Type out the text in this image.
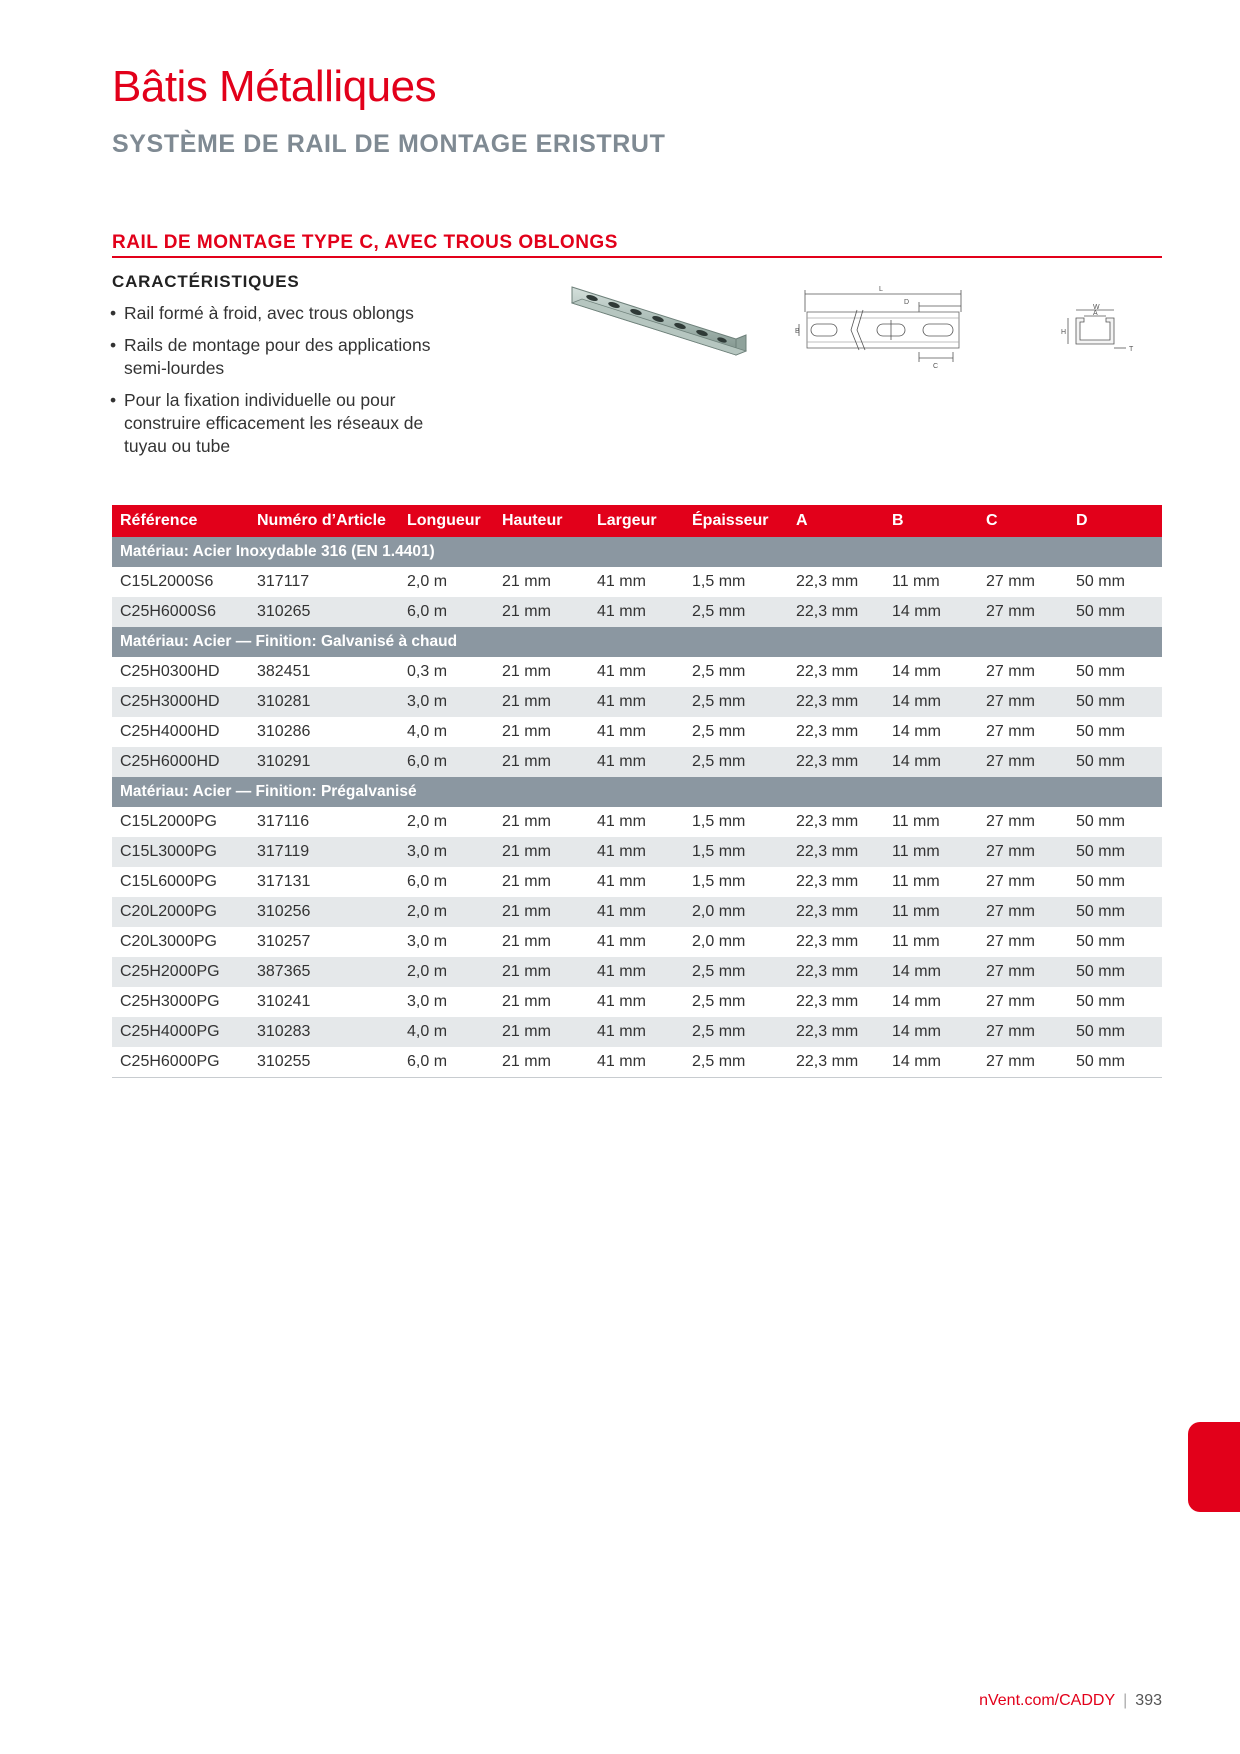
Bâtis Métalliques
SYSTÈME DE RAIL DE MONTAGE ERISTRUT
RAIL DE MONTAGE TYPE C, AVEC TROUS OBLONGS
CARACTÉRISTIQUES
• Rail formé à froid, avec trous oblongs
• Rails de montage pour des applications semi-lourdes
• Pour la fixation individuelle ou pour construire efficacement les réseaux de tuyau ou tube
L
D
B
C
W
A
H
T
Référence	Numéro d’Article	Longueur	Hauteur	Largeur	Épaisseur	A	B	C	D
Matériau: Acier Inoxydable 316 (EN 1.4401)									
C15L2000S6	317117	2,0 m	21 mm	41 mm	1,5 mm	22,3 mm	11 mm	27 mm	50 mm
C25H6000S6	310265	6,0 m	21 mm	41 mm	2,5 mm	22,3 mm	14 mm	27 mm	50 mm
Matériau: Acier — Finition: Galvanisé à chaud									
C25H0300HD	382451	0,3 m	21 mm	41 mm	2,5 mm	22,3 mm	14 mm	27 mm	50 mm
C25H3000HD	310281	3,0 m	21 mm	41 mm	2,5 mm	22,3 mm	14 mm	27 mm	50 mm
C25H4000HD	310286	4,0 m	21 mm	41 mm	2,5 mm	22,3 mm	14 mm	27 mm	50 mm
C25H6000HD	310291	6,0 m	21 mm	41 mm	2,5 mm	22,3 mm	14 mm	27 mm	50 mm
Matériau: Acier — Finition: Prégalvanisé									
C15L2000PG	317116	2,0 m	21 mm	41 mm	1,5 mm	22,3 mm	11 mm	27 mm	50 mm
C15L3000PG	317119	3,0 m	21 mm	41 mm	1,5 mm	22,3 mm	11 mm	27 mm	50 mm
C15L6000PG	317131	6,0 m	21 mm	41 mm	1,5 mm	22,3 mm	11 mm	27 mm	50 mm
C20L2000PG	310256	2,0 m	21 mm	41 mm	2,0 mm	22,3 mm	11 mm	27 mm	50 mm
C20L3000PG	310257	3,0 m	21 mm	41 mm	2,0 mm	22,3 mm	11 mm	27 mm	50 mm
C25H2000PG	387365	2,0 m	21 mm	41 mm	2,5 mm	22,3 mm	14 mm	27 mm	50 mm
C25H3000PG	310241	3,0 m	21 mm	41 mm	2,5 mm	22,3 mm	14 mm	27 mm	50 mm
C25H4000PG	310283	4,0 m	21 mm	41 mm	2,5 mm	22,3 mm	14 mm	27 mm	50 mm
C25H6000PG	310255	6,0 m	21 mm	41 mm	2,5 mm	22,3 mm	14 mm	27 mm	50 mm
nVent.com/CADDY | 393
